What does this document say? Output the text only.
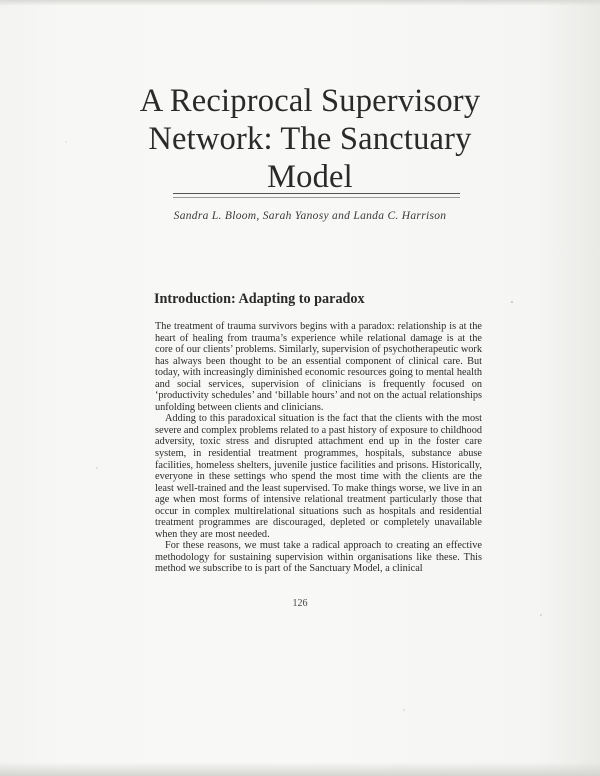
A Reciprocal Supervisory
Network: The Sanctuary
Model
Sandra L. Bloom, Sarah Yanosy and Landa C. Harrison
Introduction: Adapting to paradox

The treatment of trauma survivors begins with a paradox: relationship is at the heart of healing from trauma’s experience while relational damage is at the core of our clients’ problems. Similarly, supervision of psychotherapeutic work has always been thought to be an essential component of clinical care. But today, with increasingly diminished economic resources going to mental health and social services, supervision of clinicians is frequently focused on ‘productivity schedules’ and ‘billable hours’ and not on the actual relationships unfolding between clients and clinicians.

Adding to this paradoxical situation is the fact that the clients with the most severe and complex problems related to a past history of exposure to childhood adversity, toxic stress and disrupted attachment end up in the foster care system, in residential treatment programmes, hospitals, substance abuse facilities, homeless shelters, juvenile justice facilities and prisons. Historically, everyone in these settings who spend the most time with the clients are the least well-trained and the least supervised. To make things worse, we live in an age when most forms of intensive relational treatment particularly those that occur in complex multirelational situations such as hospitals and residential treatment programmes are discouraged, depleted or completely unavailable when they are most needed.

For these reasons, we must take a radical approach to creating an effective methodology for sustaining supervision within organisations like these. This method we subscribe to is part of the Sanctuary Model, a clinical

126
